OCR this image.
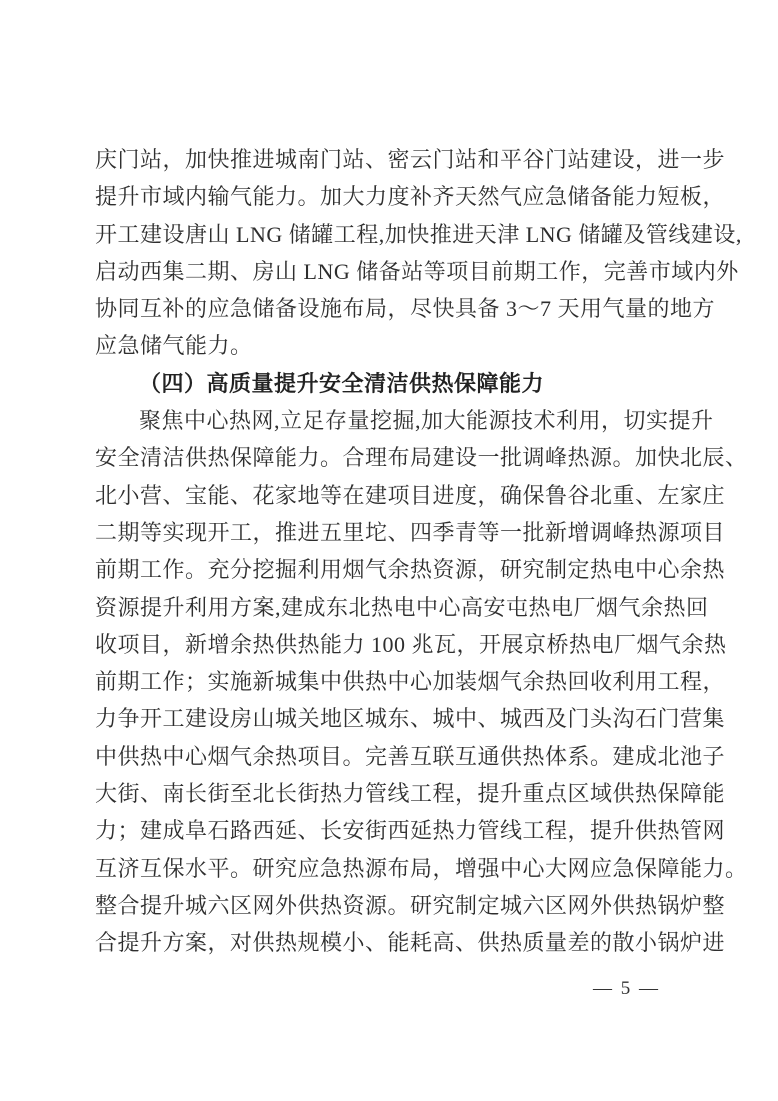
庆门站，加快推进城南门站、密云门站和平谷门站建设，进一步
提升市域内输气能力。加大力度补齐天然气应急储备能力短板，
开工建设唐山 LNG 储罐工程,加快推进天津 LNG 储罐及管线建设,
启动西集二期、房山 LNG 储备站等项目前期工作，完善市域内外
协同互补的应急储备设施布局，尽快具备 3～7 天用气量的地方
应急储气能力。
（四）高质量提升安全清洁供热保障能力
聚焦中心热网,立足存量挖掘,加大能源技术利用，切实提升
安全清洁供热保障能力。合理布局建设一批调峰热源。加快北辰、
北小营、宝能、花家地等在建项目进度，确保鲁谷北重、左家庄
二期等实现开工，推进五里坨、四季青等一批新增调峰热源项目
前期工作。充分挖掘利用烟气余热资源，研究制定热电中心余热
资源提升利用方案,建成东北热电中心高安屯热电厂烟气余热回
收项目，新增余热供热能力 100 兆瓦，开展京桥热电厂烟气余热
前期工作；实施新城集中供热中心加装烟气余热回收利用工程，
力争开工建设房山城关地区城东、城中、城西及门头沟石门营集
中供热中心烟气余热项目。完善互联互通供热体系。建成北池子
大街、南长街至北长街热力管线工程，提升重点区域供热保障能
力；建成阜石路西延、长安街西延热力管线工程，提升供热管网
互济互保水平。研究应急热源布局，增强中心大网应急保障能力。
整合提升城六区网外供热资源。研究制定城六区网外供热锅炉整
合提升方案，对供热规模小、能耗高、供热质量差的散小锅炉进
— 5 —
